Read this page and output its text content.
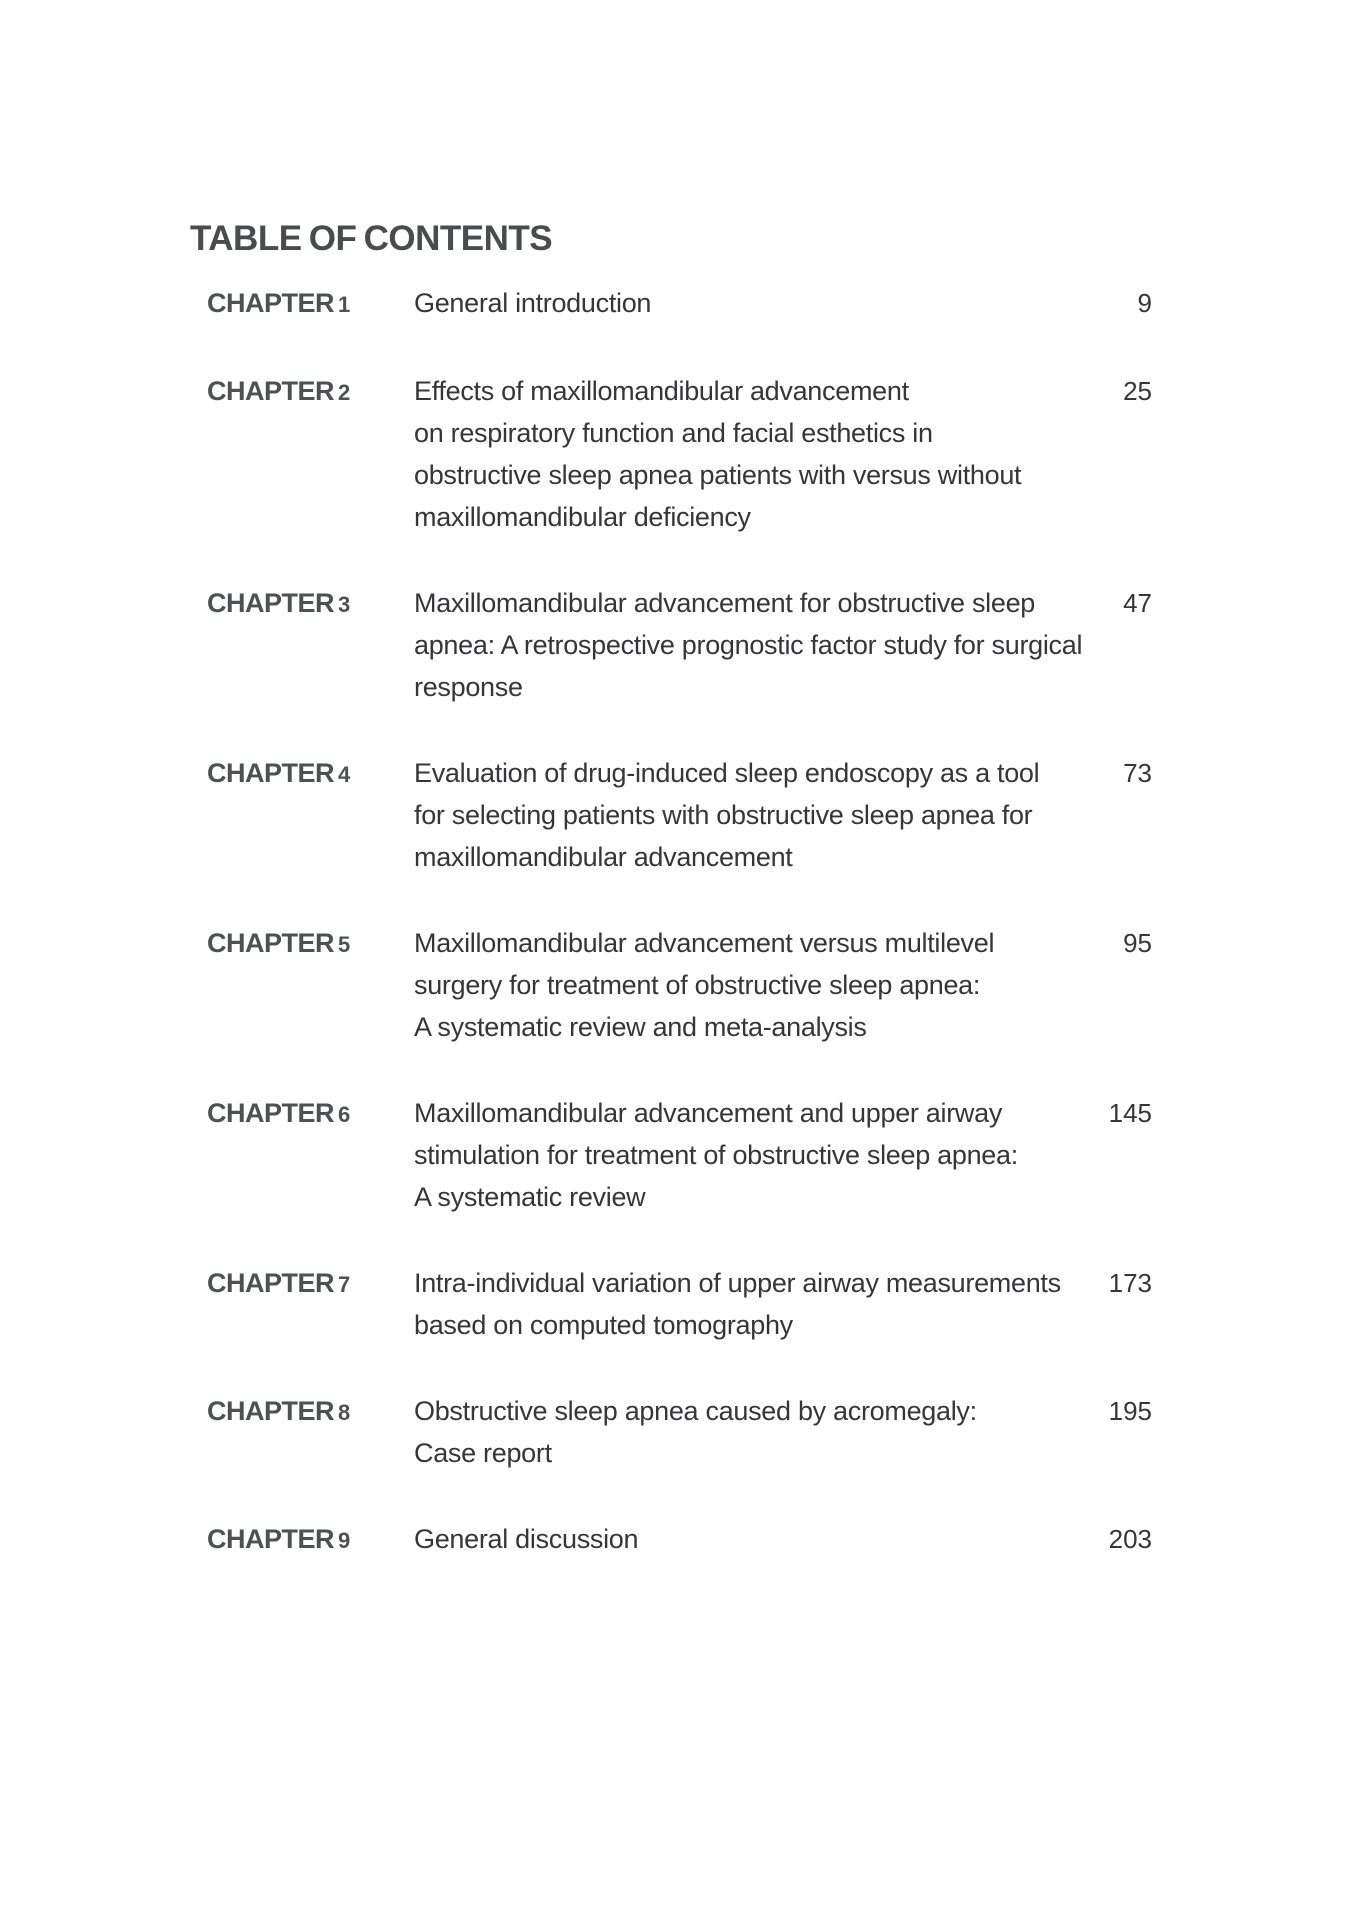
TABLE OF CONTENTS
CHAPTER 1	General introduction	9
CHAPTER 2	Effects of maxillomandibular advancement
on respiratory function and facial esthetics in
obstructive sleep apnea patients with versus without
maxillomandibular deficiency
25
CHAPTER 3	Maxillomandibular advancement for obstructive sleep
apnea: A retrospective prognostic factor study for surgical
response
47
CHAPTER 4	Evaluation of drug-induced sleep endoscopy as a tool
for selecting patients with obstructive sleep apnea for
maxillomandibular advancement
73
CHAPTER 5	Maxillomandibular advancement versus multilevel
surgery for treatment of obstructive sleep apnea:
A systematic review and meta-analysis
95
CHAPTER 6	Maxillomandibular advancement and upper airway
stimulation for treatment of obstructive sleep apnea:
A systematic review
145
CHAPTER 7	Intra-individual variation of upper airway measurements
based on computed tomography
173
CHAPTER 8	Obstructive sleep apnea caused by acromegaly:
Case report
195
CHAPTER 9	General discussion	203
